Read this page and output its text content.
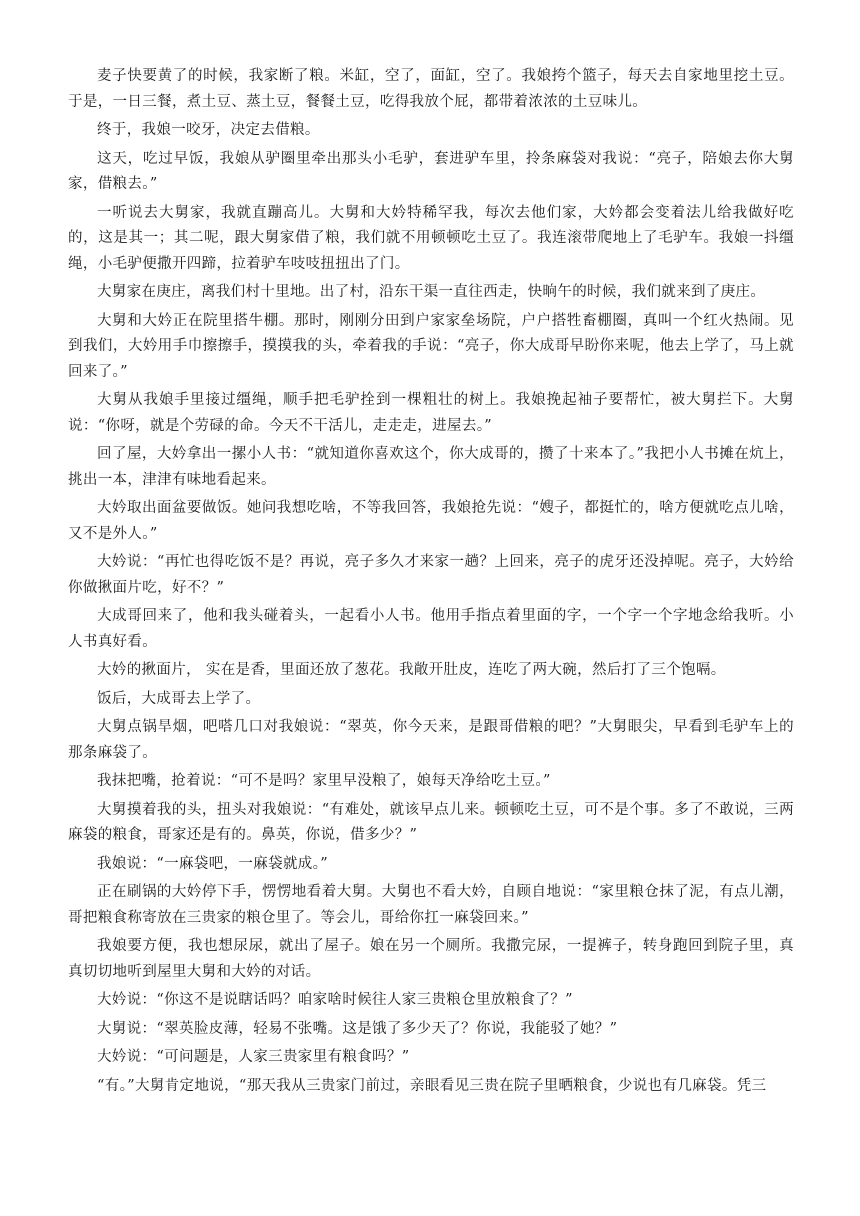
麦子快要黄了的时候，我家断了粮。米缸，空了，面缸，空了。我娘挎个篮子，每天去自家地里挖土豆。于是，一日三餐，煮土豆、蒸土豆，餐餐土豆，吃得我放个屁，都带着浓浓的土豆味儿。

终于，我娘一咬牙，决定去借粮。

这天，吃过早饭，我娘从驴圈里牵出那头小毛驴，套进驴车里，拎条麻袋对我说：“亮子，陪娘去你大舅家，借粮去。”

一听说去大舅家，我就直蹦高儿。大舅和大妗特稀罕我，每次去他们家，大妗都会变着法儿给我做好吃的，这是其一；其二呢，跟大舅家借了粮，我们就不用顿顿吃土豆了。我连滚带爬地上了毛驴车。我娘一抖缰绳，小毛驴便撒开四蹄，拉着驴车吱吱扭扭出了门。

大舅家在庚庄，离我们村十里地。出了村，沿东干渠一直往西走，快晌午的时候，我们就来到了庚庄。

大舅和大妗正在院里搭牛棚。那时，刚刚分田到户家家垒场院，户户搭牲畜棚圈，真叫一个红火热闹。见到我们，大妗用手巾擦擦手，摸摸我的头，牵着我的手说：“亮子，你大成哥早盼你来呢，他去上学了，马上就回来了。”

大舅从我娘手里接过缰绳，顺手把毛驴拴到一棵粗壮的树上。我娘挽起袖子要帮忙，被大舅拦下。大舅说：“你呀，就是个劳碌的命。今天不干活儿，走走走，进屋去。”

回了屋，大妗拿出一摞小人书：“就知道你喜欢这个，你大成哥的，攒了十来本了。”我把小人书摊在炕上，挑出一本，津津有味地看起来。

大妗取出面盆要做饭。她问我想吃啥，不等我回答，我娘抢先说：“嫂子，都挺忙的，啥方便就吃点儿啥，又不是外人。”

大妗说：“再忙也得吃饭不是？再说，亮子多久才来家一趟？上回来，亮子的虎牙还没掉呢。亮子，大妗给你做揪面片吃，好不？”

大成哥回来了，他和我头碰着头，一起看小人书。他用手指点着里面的字，一个字一个字地念给我听。小人书真好看。

大妗的揪面片， 实在是香，里面还放了葱花。我敞开肚皮，连吃了两大碗，然后打了三个饱嗝。

饭后，大成哥去上学了。

大舅点锅旱烟，吧嗒几口对我娘说：“翠英，你今天来，是跟哥借粮的吧？”大舅眼尖，早看到毛驴车上的那条麻袋了。

我抹把嘴，抢着说：“可不是吗？家里早没粮了，娘每天净给吃土豆。”

大舅摸着我的头，扭头对我娘说：“有难处，就该早点儿来。顿顿吃土豆，可不是个事。多了不敢说，三两麻袋的粮食，哥家还是有的。鼻英，你说，借多少？”

我娘说：“一麻袋吧，一麻袋就成。”

正在刷锅的大妗停下手，愣愣地看着大舅。大舅也不看大妗，自顾自地说：“家里粮仓抹了泥，有点儿潮，哥把粮食称寄放在三贵家的粮仓里了。等会儿，哥给你扛一麻袋回来。”

我娘要方便，我也想尿尿，就出了屋子。娘在另一个厕所。我撒完尿，一提裤子，转身跑回到院子里，真真切切地听到屋里大舅和大妗的对话。

大妗说：“你这不是说瞎话吗？咱家啥时候往人家三贵粮仓里放粮食了？”

大舅说：“翠英脸皮薄，轻易不张嘴。这是饿了多少天了？你说，我能驳了她？”

大妗说：“可问题是，人家三贵家里有粮食吗？”

“有。”大舅肯定地说，“那天我从三贵家门前过，亲眼看见三贵在院子里晒粮食，少说也有几麻袋。凭三
